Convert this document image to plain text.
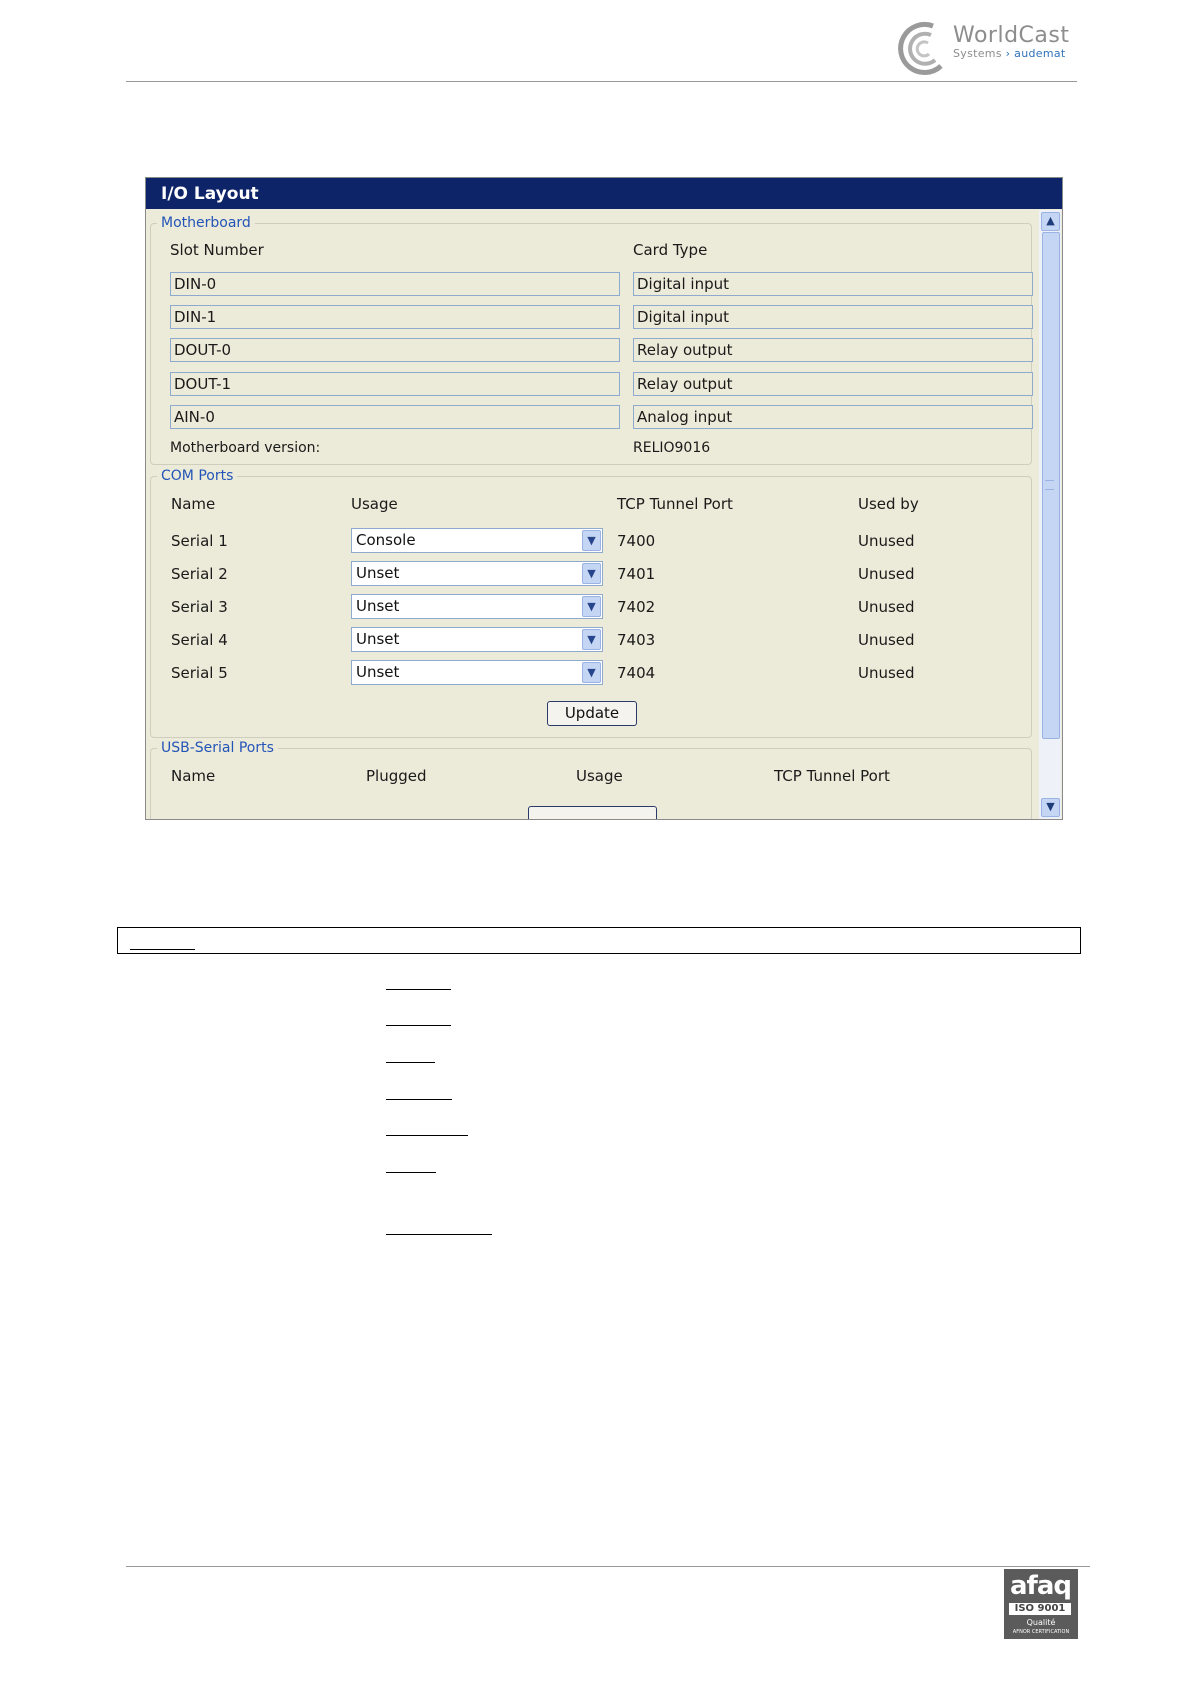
WorldCast
Systems › audemat
I/O Layout
Motherboard
Slot Number	Card Type
DIN-0	Digital input
DIN-1	Digital input
DOUT-0	Relay output
DOUT-1	Relay output
AIN-0	Analog input
Motherboard version:	RELIO9016
COM Ports
Name	Usage	TCP Tunnel Port	Used by
Serial 1	Console	▼	7400	Unused
Serial 2	Unset	▼	7401	Unused
Serial 3	Unset	▼	7402	Unused
Serial 4	Unset	▼	7403	Unused
Serial 5	Unset	▼	7404	Unused
Update
USB-Serial Ports
Name	Plugged	Usage	TCP Tunnel Port
▲
▼
afaq
ISO 9001
Qualité
AFNOR CERTIFICATION
